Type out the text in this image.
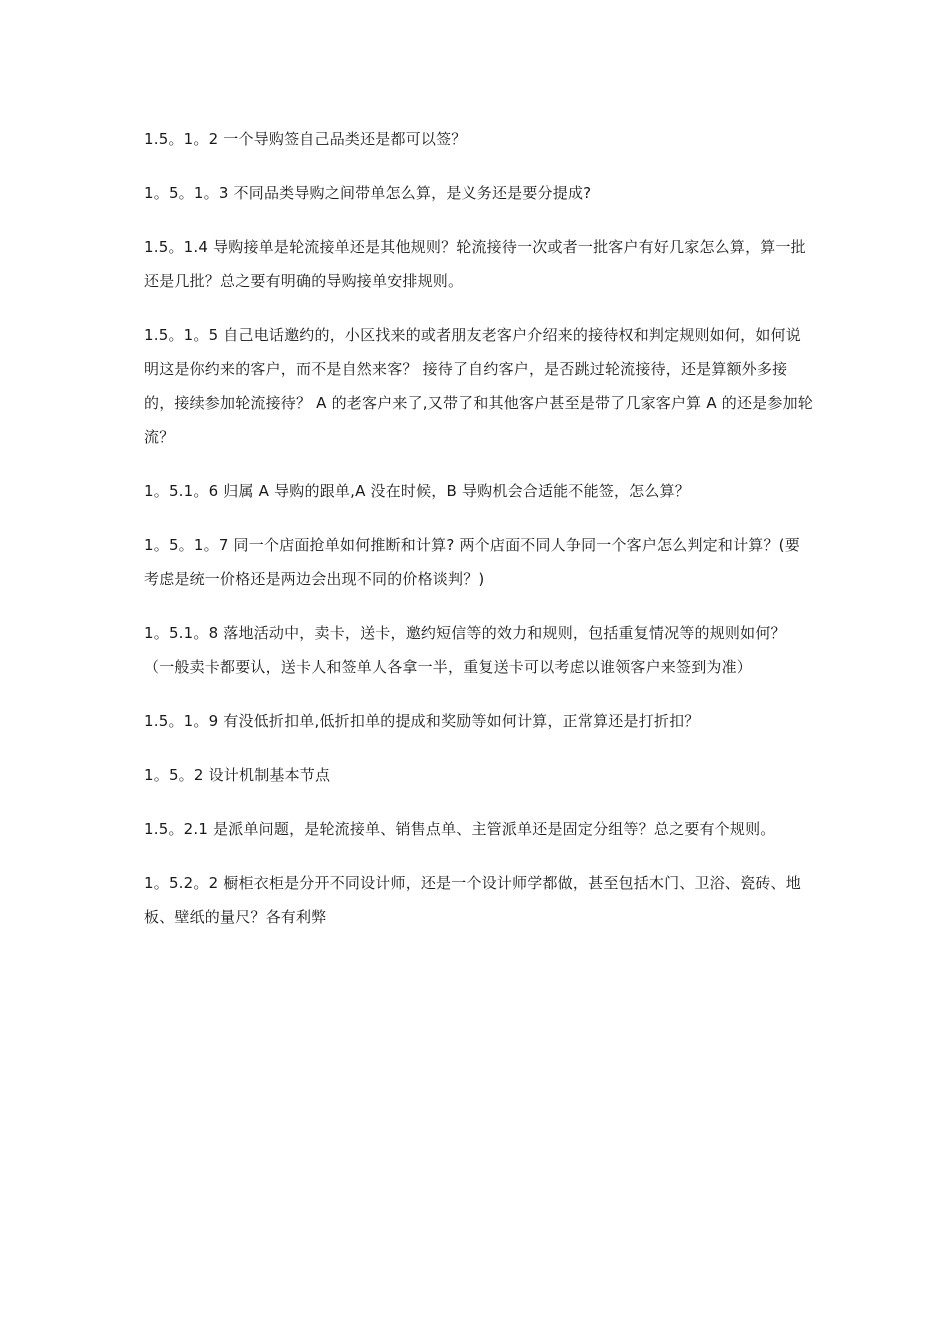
1.5。1。2 一个导购签自己品类还是都可以签？

1。5。1。3 不同品类导购之间带单怎么算，是义务还是要分提成?

1.5。1.4 导购接单是轮流接单还是其他规则？轮流接待一次或者一批客户有好几家怎么算，算一批还是几批？总之要有明确的导购接单安排规则。

1.5。1。5 自己电话邀约的，小区找来的或者朋友老客户介绍来的接待权和判定规则如何，如何说明这是你约来的客户，而不是自然来客？ 接待了自约客户，是否跳过轮流接待，还是算额外多接的，接续参加轮流接待？ A 的老客户来了,又带了和其他客户甚至是带了几家客户算 A 的还是参加轮流？

1。5.1。6 归属 A 导购的跟单,A 没在时候，B 导购机会合适能不能签，怎么算？

1。5。1。7 同一个店面抢单如何推断和计算? 两个店面不同人争同一个客户怎么判定和计算？(要考虑是统一价格还是两边会出现不同的价格谈判？)

1。5.1。8 落地活动中，卖卡，送卡，邀约短信等的效力和规则，包括重复情况等的规则如何？（一般卖卡都要认，送卡人和签单人各拿一半，重复送卡可以考虑以谁领客户来签到为准）

1.5。1。9 有没低折扣单,低折扣单的提成和奖励等如何计算，正常算还是打折扣？

1。5。2 设计机制基本节点

1.5。2.1 是派单问题，是轮流接单、销售点单、主管派单还是固定分组等？总之要有个规则。

1。5.2。2 橱柜衣柜是分开不同设计师，还是一个设计师学都做，甚至包括木门、卫浴、瓷砖、地板、壁纸的量尺？各有利弊
